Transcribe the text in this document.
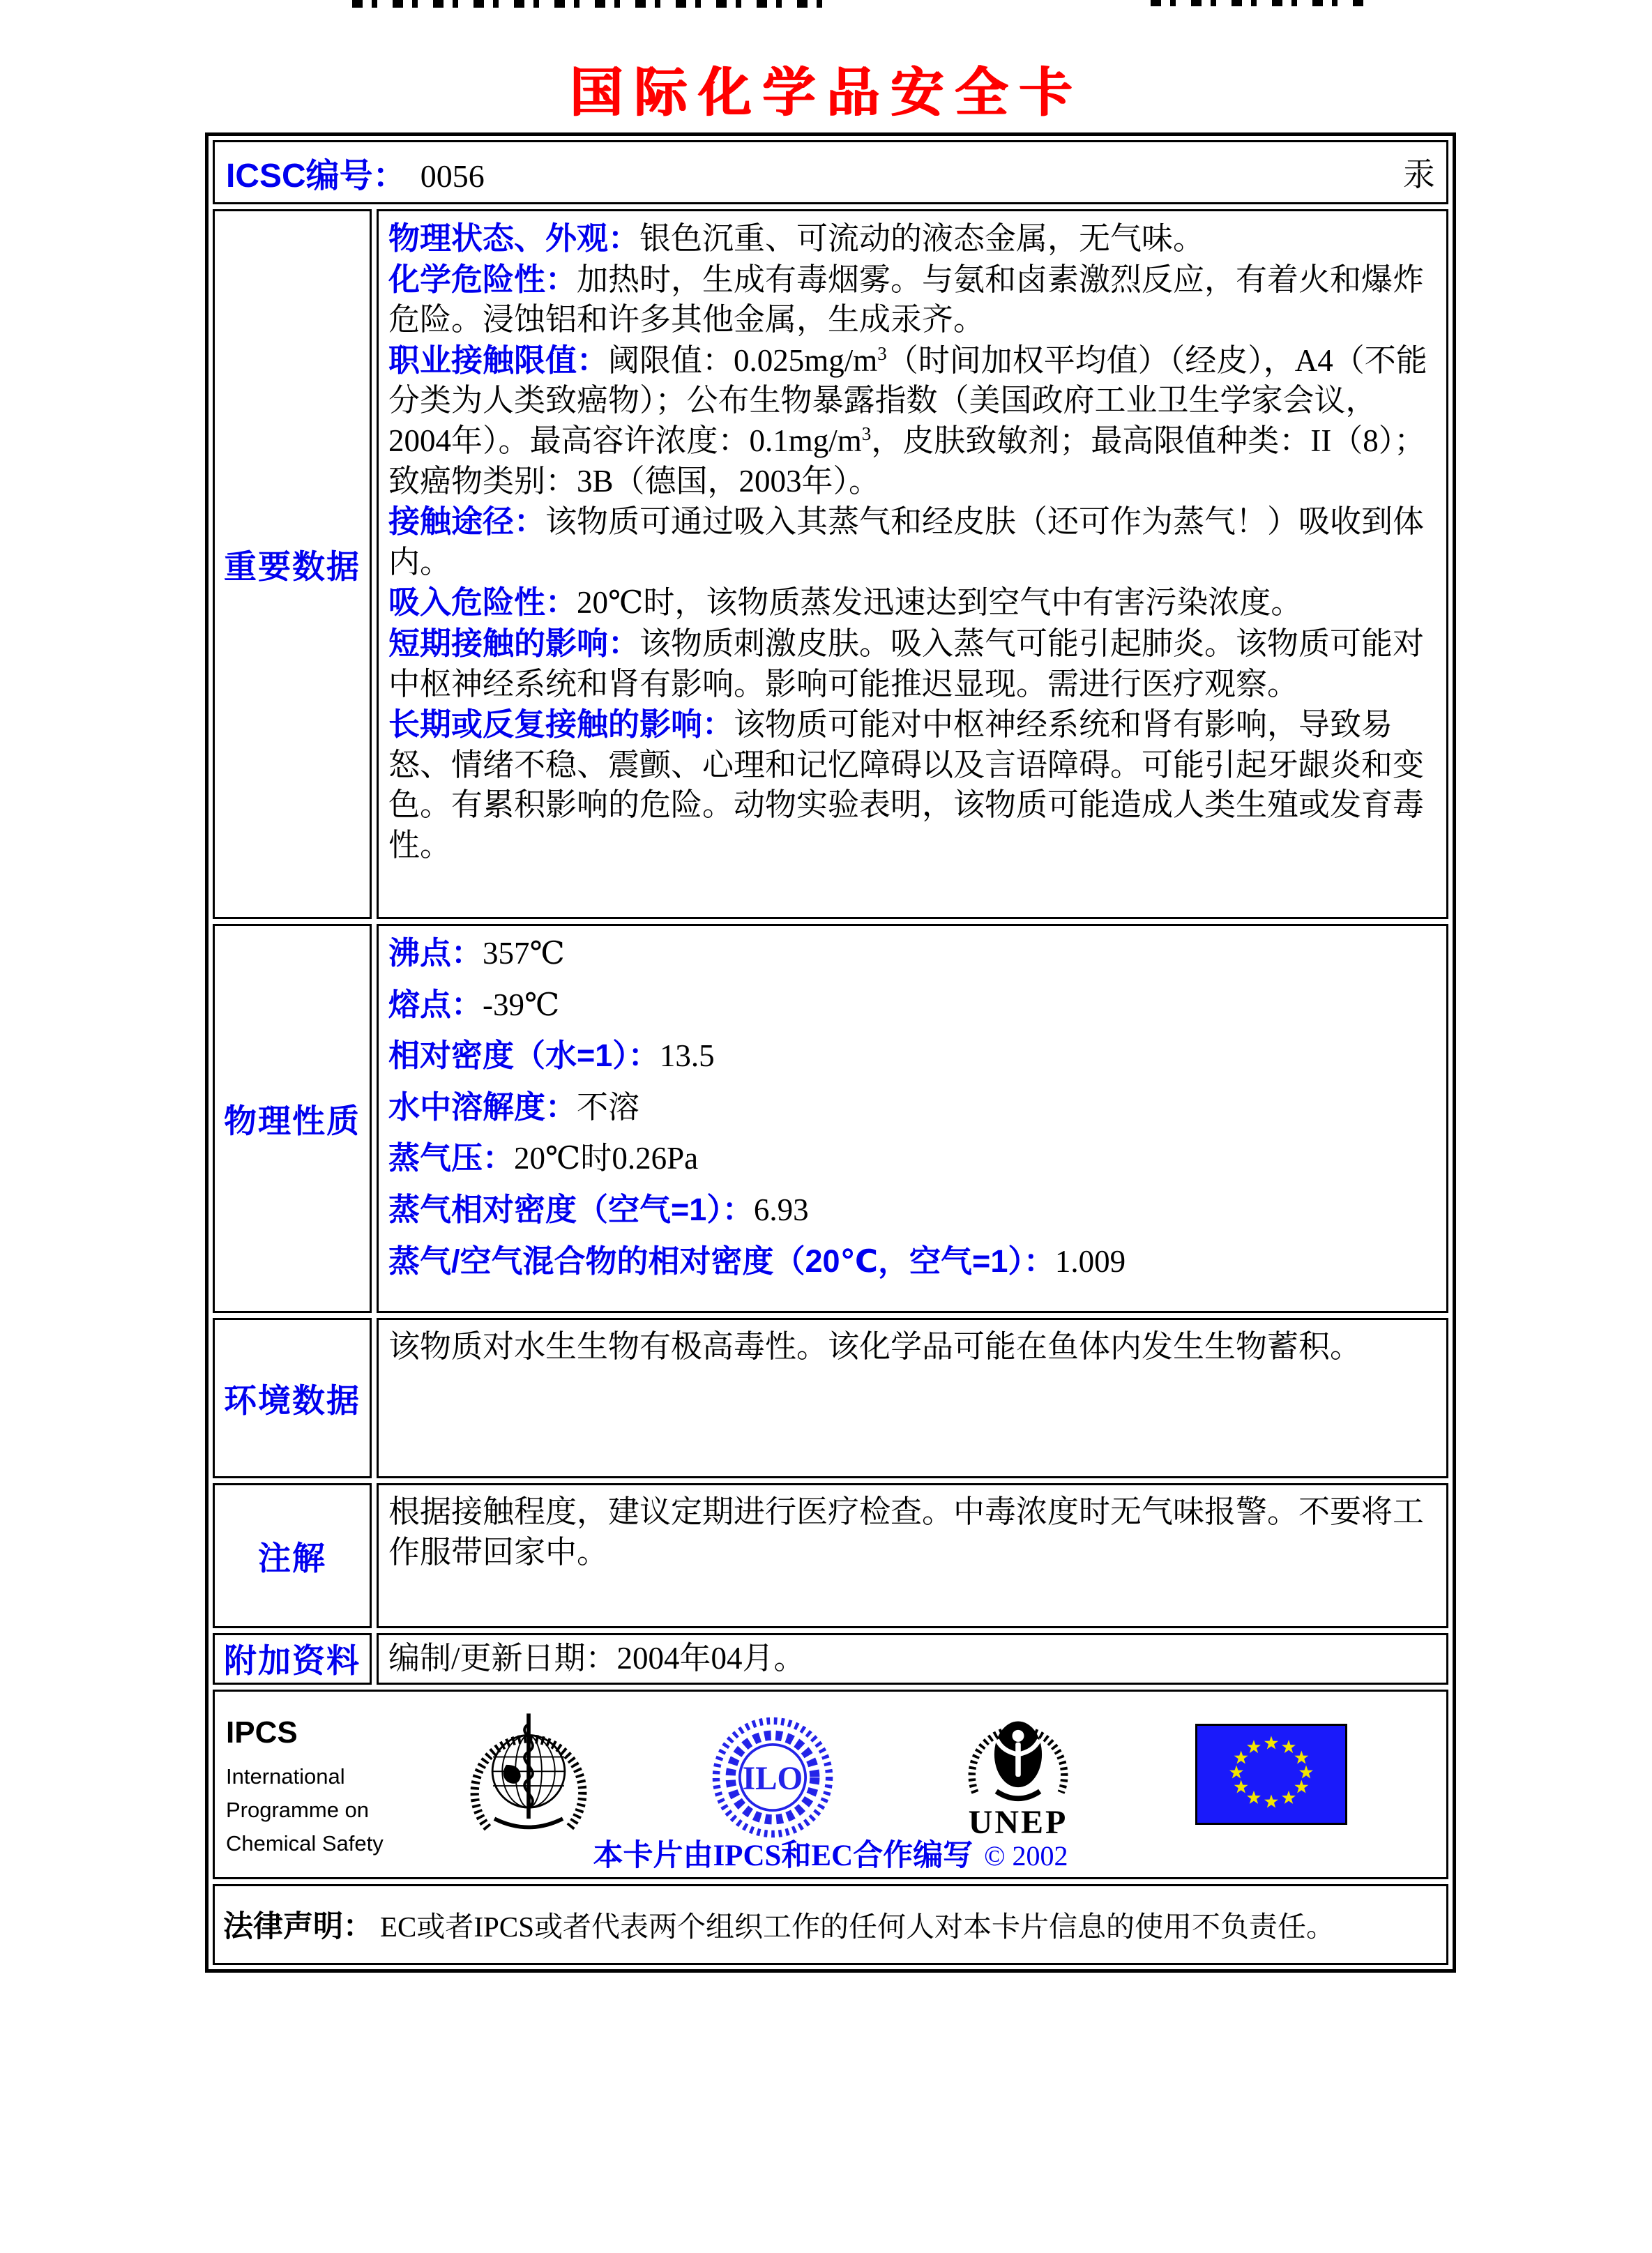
国际化学品安全卡
ICSC编号： 0056	汞
重要数据
物理状态、外观：银色沉重、可流动的液态金属，无气味。
化学危险性：加热时，生成有毒烟雾。与氨和卤素激烈反应，有着火和爆炸危险。浸蚀铝和许多其他金属，生成汞齐。
职业接触限值：阈限值：$0.025mg/m^3$（时间加权平均值）（经皮），A4（不能分类为人类致癌物）；公布生物暴露指数（美国政府工业卫生学家会议，2004年）。最高容许浓度：$0.1mg/m^3$，皮肤致敏剂；最高限值种类：II（8）；致癌物类别：3B（德国，2003年）。
接触途径：该物质可通过吸入其蒸气和经皮肤（还可作为蒸气！）吸收到体内。
吸入危险性：20℃时，该物质蒸发迅速达到空气中有害污染浓度。
短期接触的影响：该物质刺激皮肤。吸入蒸气可能引起肺炎。该物质可能对中枢神经系统和肾有影响。影响可能推迟显现。需进行医疗观察。
长期或反复接触的影响：该物质可能对中枢神经系统和肾有影响，导致易怒、情绪不稳、震颤、心理和记忆障碍以及言语障碍。可能引起牙龈炎和变色。有累积影响的危险。动物实验表明，该物质可能造成人类生殖或发育毒性。
物理性质
沸点：357℃
熔点：-39℃
相对密度（水=1）：13.5
水中溶解度：不溶
蒸气压：20℃时0.26Pa
蒸气相对密度（空气=1）：6.93
蒸气/空气混合物的相对密度（20℃，空气=1）：1.009
环境数据
该物质对水生生物有极高毒性。该化学品可能在鱼体内发生生物蓄积。
注解
根据接触程度，建议定期进行医疗检查。中毒浓度时无气味报警。不要将工作服带回家中。
附加资料 编制/更新日期：2004年04月。
IPCS
International
Programme on
Chemical Safety
ILO
UNEP
本卡片由IPCS和EC合作编写 © 2002
法律声明： EC或者IPCS或者代表两个组织工作的任何人对本卡片信息的使用不负责任。
